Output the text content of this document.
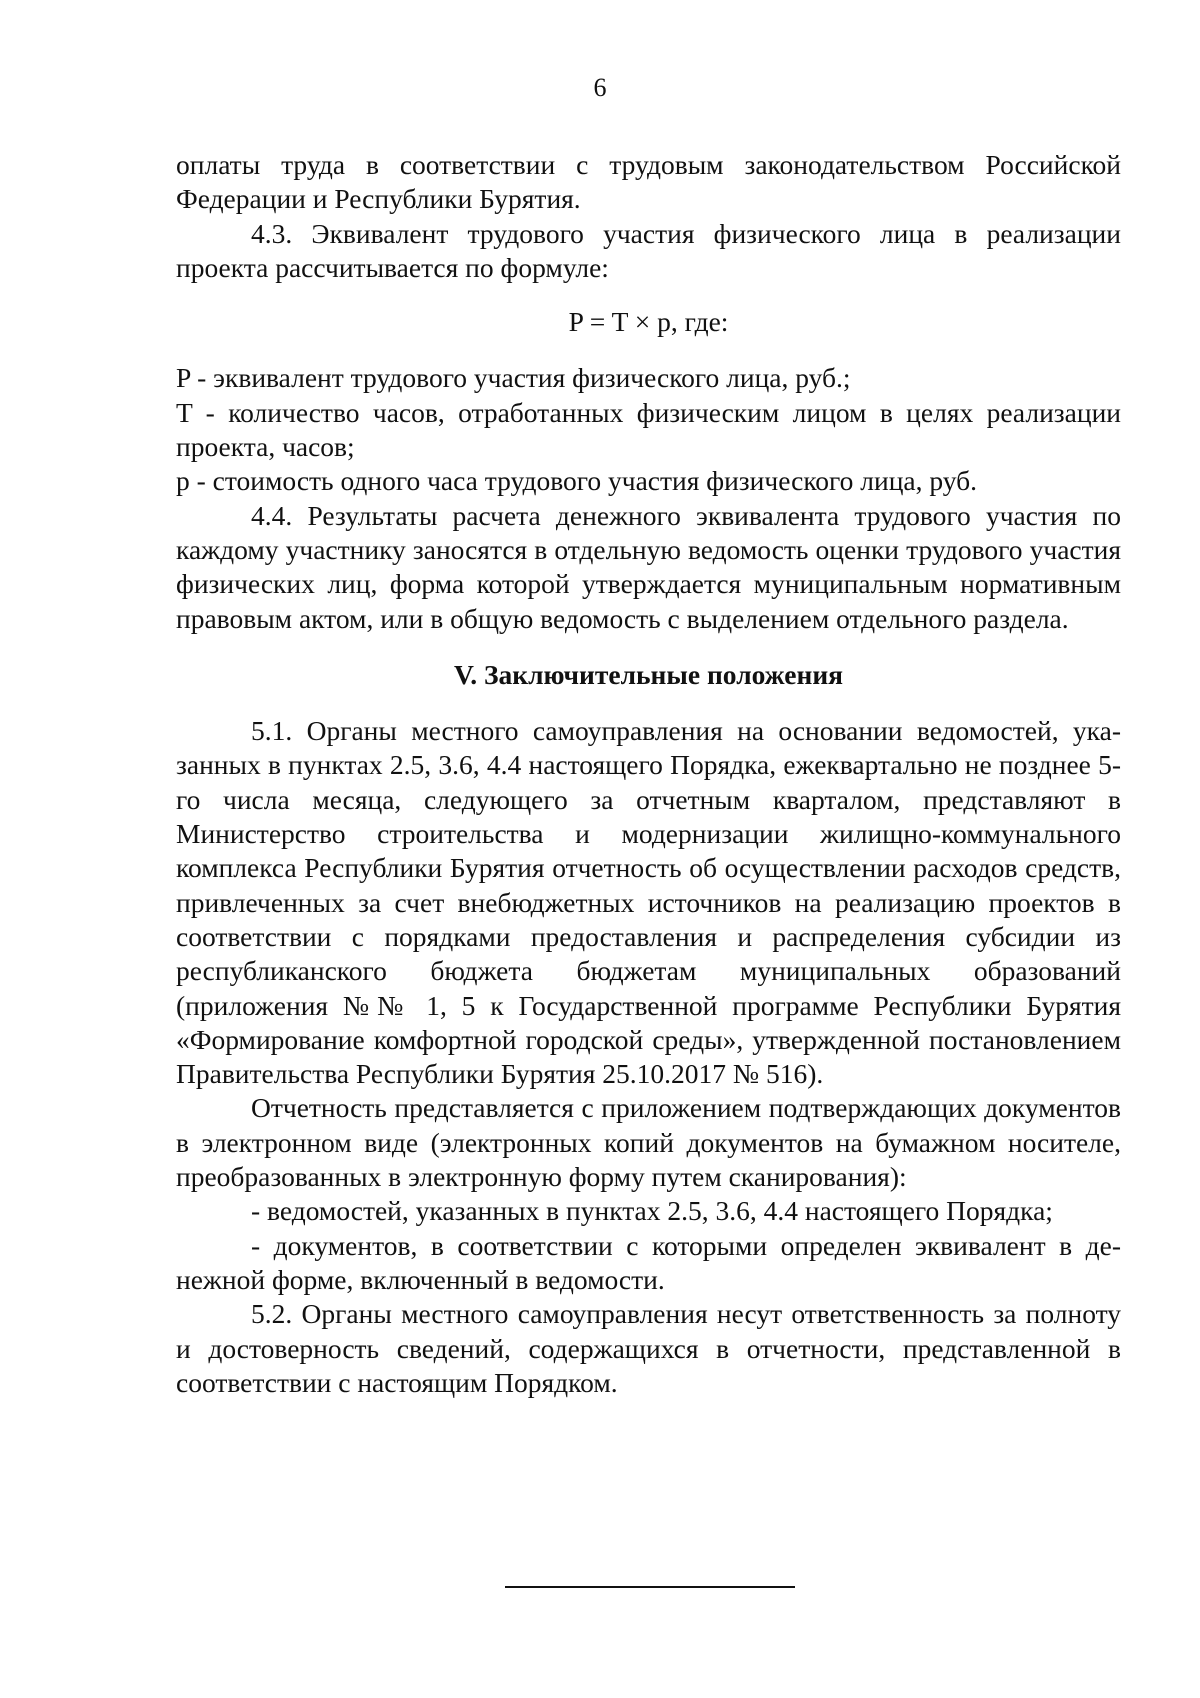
6

оплаты труда в соответствии с трудовым законодательством Российской Федерации и Республики Бурятия.

4.3. Эквивалент трудового участия физического лица в реализации проекта рассчитывается по формуле:

P = T × p, где:

P - эквивалент трудового участия физического лица, руб.;

T - количество часов, отработанных физическим лицом в целях реализации проекта, часов;

p - стоимость одного часа трудового участия физического лица, руб.

4.4. Результаты расчета денежного эквивалента трудового участия по каждому участнику заносятся в отдельную ведомость оценки трудового участия физических лиц, форма которой утверждается муниципальным нормативным правовым актом, или в общую ведомость с выделением отдельного раздела.

V. Заключительные положения

5.1. Органы местного самоуправления на основании ведомостей, указанных в пунктах 2.5, 3.6, 4.4 настоящего Порядка, ежеквартально не позднее 5-го числа месяца, следующего за отчетным кварталом, представляют в Министерство строительства и модернизации жилищно-коммунального комплекса Республики Бурятия отчетность об осуществлении расходов средств, привлеченных за счет внебюджетных источников на реализацию проектов в соответствии с порядками предоставления и распределения субсидии из республиканского бюджета бюджетам муниципальных образований (приложения №№ 1, 5 к Государственной программе Республики Бурятия «Формирование комфортной городской среды», утвержденной постановлением Правительства Республики Бурятия 25.10.2017 № 516).

Отчетность представляется с приложением подтверждающих документов в электронном виде (электронных копий документов на бумажном носителе, преобразованных в электронную форму путем сканирования):

- ведомостей, указанных в пунктах 2.5, 3.6, 4.4 настоящего Порядка;

- документов, в соответствии с которыми определен эквивалент в денежной форме, включенный в ведомости.

5.2. Органы местного самоуправления несут ответственность за полноту и достоверность сведений, содержащихся в отчетности, представленной в соответствии с настоящим Порядком.
